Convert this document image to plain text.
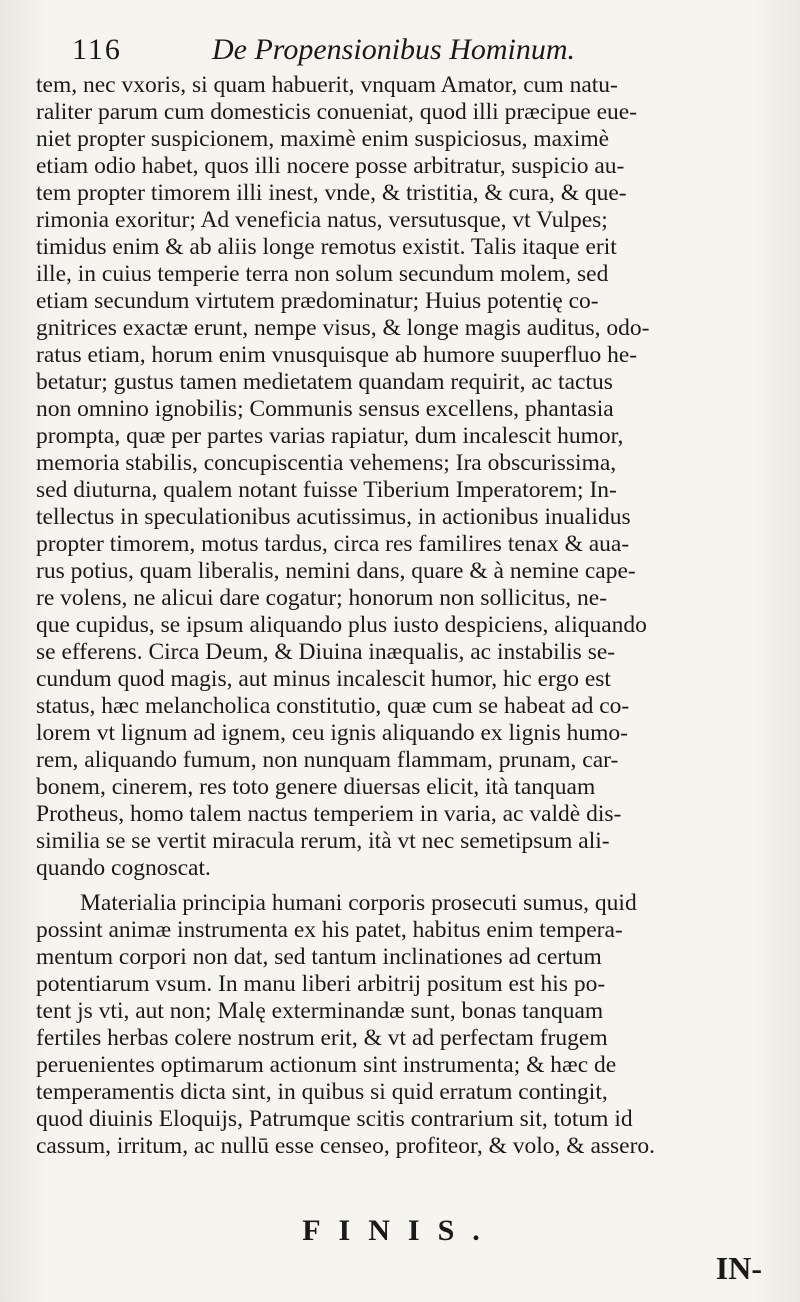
116	De Propensionibus Hominum.
tem, nec vxoris, si quam habuerit, vnquam Amator, cum natu-
raliter parum cum domesticis conueniat, quod illi præcipue eue-
niet propter suspicionem, maximè enim suspiciosus, maximè
etiam odio habet, quos illi nocere posse arbitratur, suspicio au-
tem propter timorem illi inest, vnde, & tristitia, & cura, & que-
rimonia exoritur; Ad veneficia natus, versutusque, vt Vulpes;
timidus enim & ab aliis longe remotus existit. Talis itaque erit
ille, in cuius temperie terra non solum secundum molem, sed
etiam secundum virtutem prædominatur; Huius potentię co-
gnitrices exactæ erunt, nempe visus, & longe magis auditus, odo-
ratus etiam, horum enim vnusquisque ab humore suuperfluo he-
betatur; gustus tamen medietatem quandam requirit, ac tactus
non omnino ignobilis; Communis sensus excellens, phantasia
prompta, quæ per partes varias rapiatur, dum incalescit humor,
memoria stabilis, concupiscentia vehemens; Ira obscurissima,
sed diuturna, qualem notant fuisse Tiberium Imperatorem; In-
tellectus in speculationibus acutissimus, in actionibus inualidus
propter timorem, motus tardus, circa res familires tenax & aua-
rus potius, quam liberalis, nemini dans, quare & à nemine cape-
re volens, ne alicui dare cogatur; honorum non sollicitus, ne-
que cupidus, se ipsum aliquando plus iusto despiciens, aliquando
se efferens. Circa Deum, & Diuina inæqualis, ac instabilis se-
cundum quod magis, aut minus incalescit humor, hic ergo est
status, hæc melancholica constitutio, quæ cum se habeat ad co-
lorem vt lignum ad ignem, ceu ignis aliquando ex lignis humo-
rem, aliquando fumum, non nunquam flammam, prunam, car-
bonem, cinerem, res toto genere diuersas elicit, ità tanquam
Protheus, homo talem nactus temperiem in varia, ac valdè dis-
similia se se vertit miracula rerum, ità vt nec semetipsum ali-
quando cognoscat.
Materialia principia humani corporis prosecuti sumus, quid
possint animæ instrumenta ex his patet, habitus enim tempera-
mentum corpori non dat, sed tantum inclinationes ad certum
potentiarum vsum. In manu liberi arbitrij positum est his po-
tent js vti, aut non; Malę exterminandæ sunt, bonas tanquam
fertiles herbas colere nostrum erit, & vt ad perfectam frugem
peruenientes optimarum actionum sint instrumenta; & hæc de
temperamentis dicta sint, in quibus si quid erratum contingit,
quod diuinis Eloquijs, Patrumque scitis contrarium sit, totum id
cassum, irritum, ac nullū esse censeo, profiteor, & volo, & assero.
FINIS.
IN-
